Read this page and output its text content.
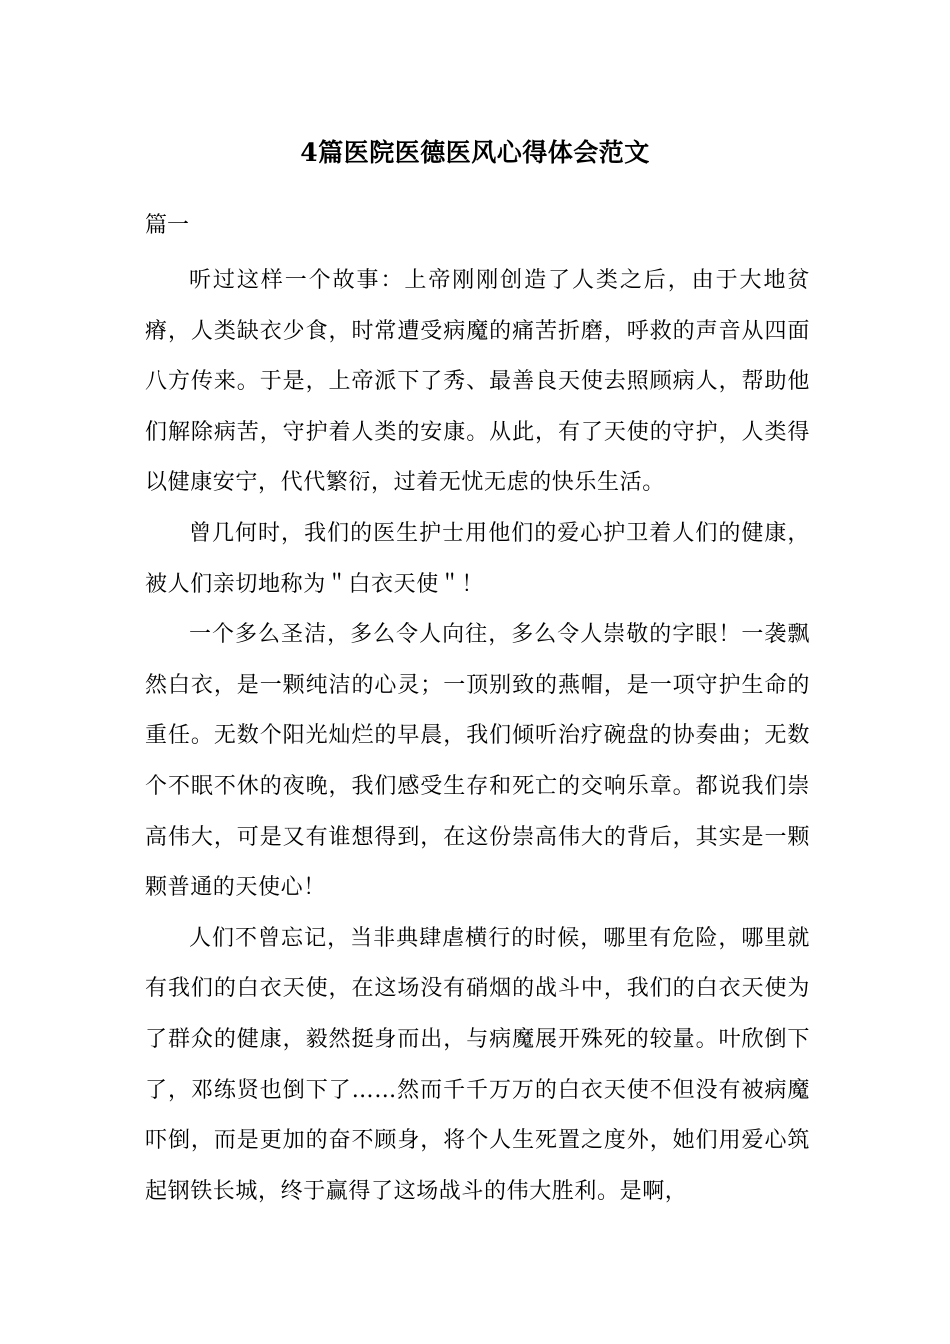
4篇医院医德医风心得体会范文
篇一

听过这样一个故事：上帝刚刚创造了人类之后，由于大地贫瘠，人类缺衣少食，时常遭受病魔的痛苦折磨，呼救的声音从四面八方传来。于是，上帝派下了秀、最善良天使去照顾病人，帮助他们解除病苦，守护着人类的安康。从此，有了天使的守护，人类得以健康安宁，代代繁衍，过着无忧无虑的快乐生活。

曾几何时，我们的医生护士用他们的爱心护卫着人们的健康，被人们亲切地称为＂白衣天使＂！

一个多么圣洁，多么令人向往，多么令人崇敬的字眼！一袭飘然白衣，是一颗纯洁的心灵；一顶别致的燕帽，是一项守护生命的重任。无数个阳光灿烂的早晨，我们倾听治疗碗盘的协奏曲；无数个不眠不休的夜晚，我们感受生存和死亡的交响乐章。都说我们崇高伟大，可是又有谁想得到，在这份崇高伟大的背后，其实是一颗颗普通的天使心！

人们不曾忘记，当非典肆虐横行的时候，哪里有危险，哪里就有我们的白衣天使，在这场没有硝烟的战斗中，我们的白衣天使为了群众的健康，毅然挺身而出，与病魔展开殊死的较量。叶欣倒下了，邓练贤也倒下了……然而千千万万的白衣天使不但没有被病魔吓倒，而是更加的奋不顾身，将个人生死置之度外，她们用爱心筑起钢铁长城，终于赢得了这场战斗的伟大胜利。是啊，
